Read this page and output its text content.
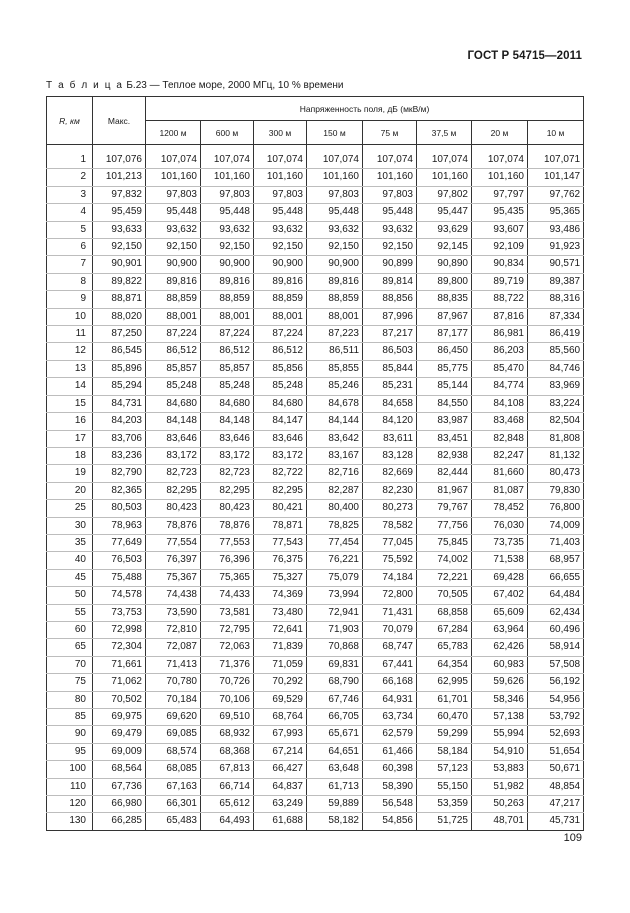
ГОСТ Р 54715—2011
Т а б л и ц а Б.23 — Теплое море, 2000 МГц, 10 % времени
R, км	Макс.	Напряженность поля, дБ (мкВ/м)							
		1200 м	600 м	300 м	150 м	75 м	37,5 м	20 м	10 м

1	107,076	107,074	107,074	107,074	107,074	107,074	107,074	107,074	107,071
2	101,213	101,160	101,160	101,160	101,160	101,160	101,160	101,160	101,147
3	97,832	97,803	97,803	97,803	97,803	97,803	97,802	97,797	97,762
4	95,459	95,448	95,448	95,448	95,448	95,448	95,447	95,435	95,365
5	93,633	93,632	93,632	93,632	93,632	93,632	93,629	93,607	93,486
6	92,150	92,150	92,150	92,150	92,150	92,150	92,145	92,109	91,923
7	90,901	90,900	90,900	90,900	90,900	90,899	90,890	90,834	90,571
8	89,822	89,816	89,816	89,816	89,816	89,814	89,800	89,719	89,387
9	88,871	88,859	88,859	88,859	88,859	88,856	88,835	88,722	88,316
10	88,020	88,001	88,001	88,001	88,001	87,996	87,967	87,816	87,334
11	87,250	87,224	87,224	87,224	87,223	87,217	87,177	86,981	86,419
12	86,545	86,512	86,512	86,512	86,511	86,503	86,450	86,203	85,560
13	85,896	85,857	85,857	85,856	85,855	85,844	85,775	85,470	84,746
14	85,294	85,248	85,248	85,248	85,246	85,231	85,144	84,774	83,969
15	84,731	84,680	84,680	84,680	84,678	84,658	84,550	84,108	83,224
16	84,203	84,148	84,148	84,147	84,144	84,120	83,987	83,468	82,504
17	83,706	83,646	83,646	83,646	83,642	83,611	83,451	82,848	81,808
18	83,236	83,172	83,172	83,172	83,167	83,128	82,938	82,247	81,132
19	82,790	82,723	82,723	82,722	82,716	82,669	82,444	81,660	80,473
20	82,365	82,295	82,295	82,295	82,287	82,230	81,967	81,087	79,830
25	80,503	80,423	80,423	80,421	80,400	80,273	79,767	78,452	76,800
30	78,963	78,876	78,876	78,871	78,825	78,582	77,756	76,030	74,009
35	77,649	77,554	77,553	77,543	77,454	77,045	75,845	73,735	71,403
40	76,503	76,397	76,396	76,375	76,221	75,592	74,002	71,538	68,957
45	75,488	75,367	75,365	75,327	75,079	74,184	72,221	69,428	66,655
50	74,578	74,438	74,433	74,369	73,994	72,800	70,505	67,402	64,484
55	73,753	73,590	73,581	73,480	72,941	71,431	68,858	65,609	62,434
60	72,998	72,810	72,795	72,641	71,903	70,079	67,284	63,964	60,496
65	72,304	72,087	72,063	71,839	70,868	68,747	65,783	62,426	58,914
70	71,661	71,413	71,376	71,059	69,831	67,441	64,354	60,983	57,508
75	71,062	70,780	70,726	70,292	68,790	66,168	62,995	59,626	56,192
80	70,502	70,184	70,106	69,529	67,746	64,931	61,701	58,346	54,956
85	69,975	69,620	69,510	68,764	66,705	63,734	60,470	57,138	53,792
90	69,479	69,085	68,932	67,993	65,671	62,579	59,299	55,994	52,693
95	69,009	68,574	68,368	67,214	64,651	61,466	58,184	54,910	51,654
100	68,564	68,085	67,813	66,427	63,648	60,398	57,123	53,883	50,671
110	67,736	67,163	66,714	64,837	61,713	58,390	55,150	51,982	48,854
120	66,980	66,301	65,612	63,249	59,889	56,548	53,359	50,263	47,217
130	66,285	65,483	64,493	61,688	58,182	54,856	51,725	48,701	45,731
109
